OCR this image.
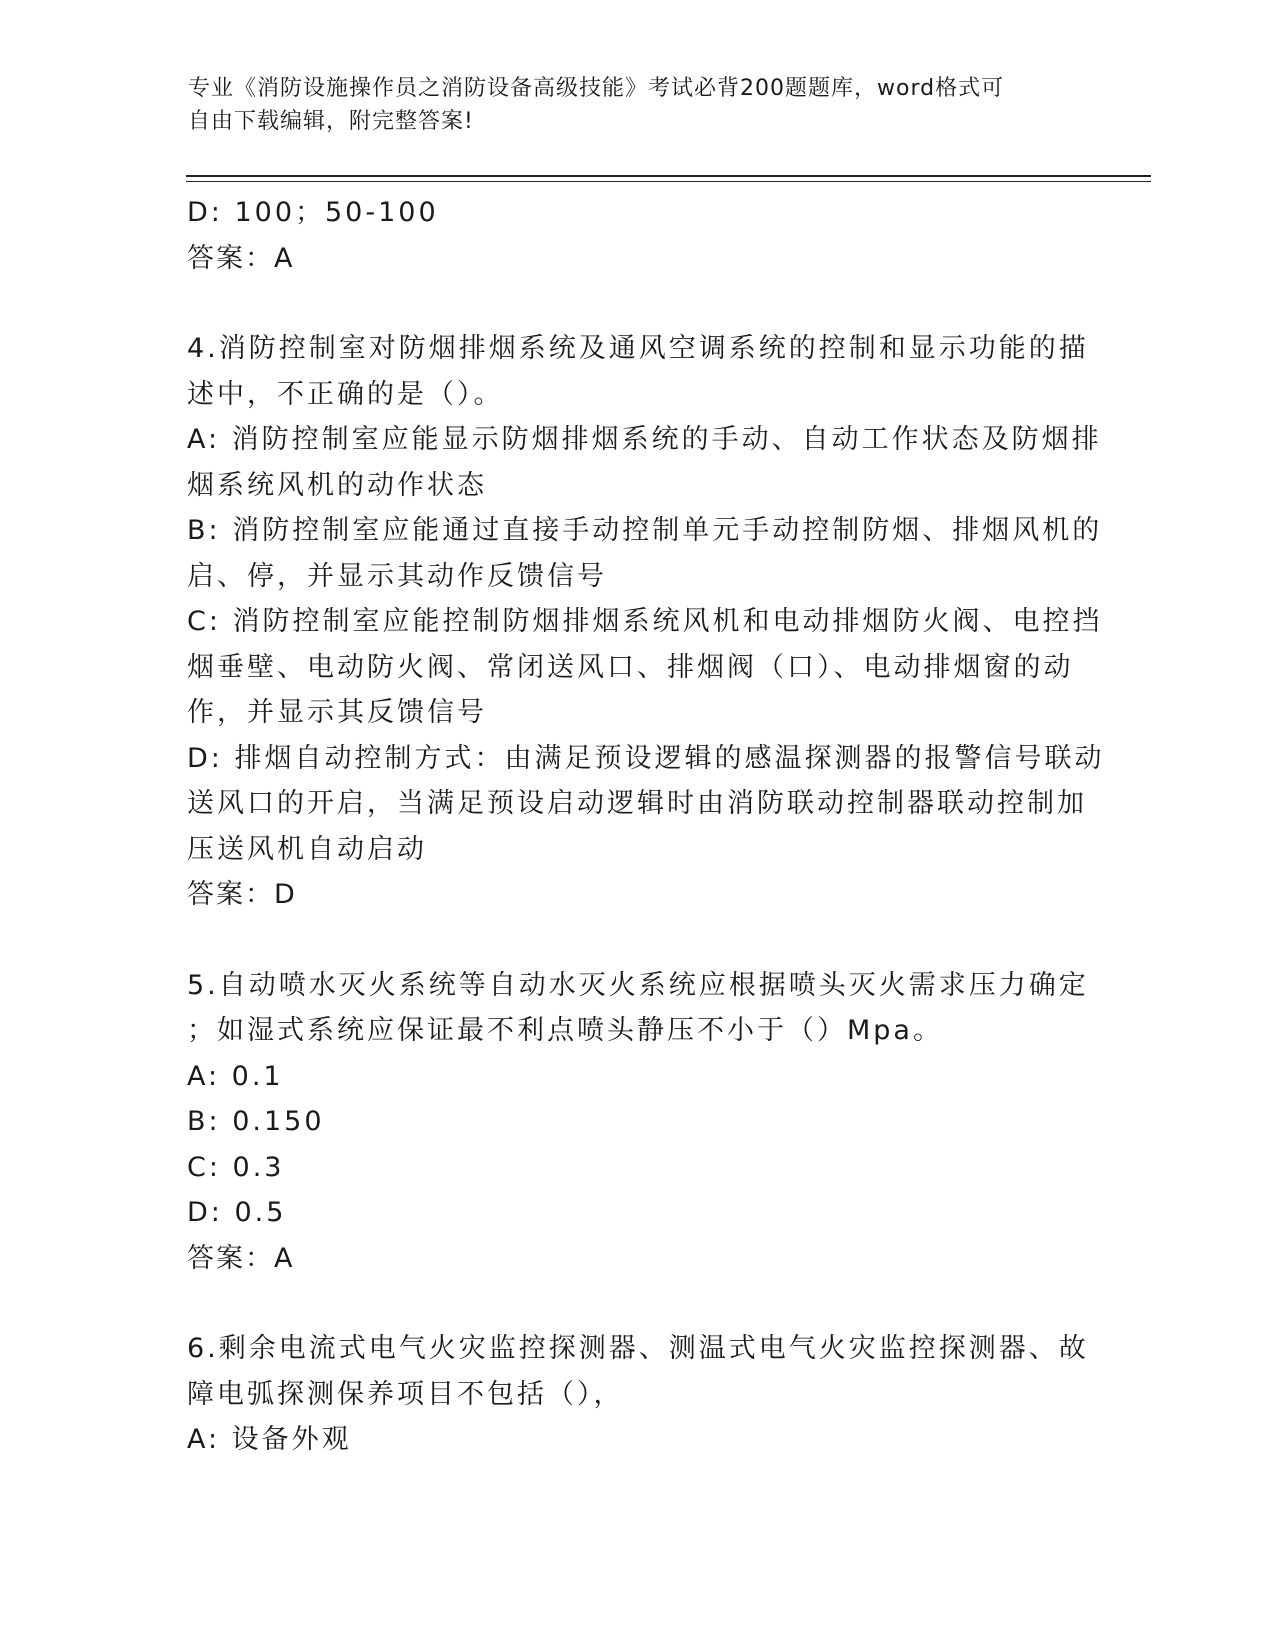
专业《消防设施操作员之消防设备高级技能》考试必背200题题库，word格式可
自由下载编辑，附完整答案!

D: 100；50-100

答案：A

4.消防控制室对防烟排烟系统及通风空调系统的控制和显示功能的描

述中，不正确的是（）。

A: 消防控制室应能显示防烟排烟系统的手动、自动工作状态及防烟排

烟系统风机的动作状态

B: 消防控制室应能通过直接手动控制单元手动控制防烟、排烟风机的

启、停，并显示其动作反馈信号

C: 消防控制室应能控制防烟排烟系统风机和电动排烟防火阀、电控挡

烟垂壁、电动防火阀、常闭送风口、排烟阀（口）、电动排烟窗的动

作，并显示其反馈信号

D: 排烟自动控制方式：由满足预设逻辑的感温探测器的报警信号联动

送风口的开启，当满足预设启动逻辑时由消防联动控制器联动控制加

压送风机自动启动

答案：D

5.自动喷水灭火系统等自动水灭火系统应根据喷头灭火需求压力确定

；如湿式系统应保证最不利点喷头静压不小于（）Mpa。

A: 0.1

B: 0.150

C: 0.3

D: 0.5

答案：A

6.剩余电流式电气火灾监控探测器、测温式电气火灾监控探测器、故

障电弧探测保养项目不包括（），

A: 设备外观
